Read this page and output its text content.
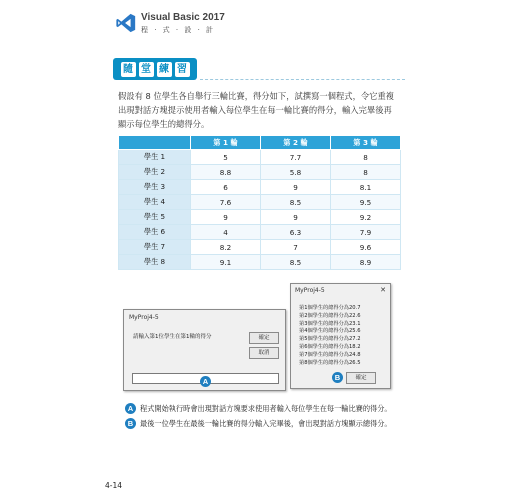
Visual Basic 2017
程 · 式 · 設 · 計
隨 堂 練 習

假設有 8 位學生各自舉行三輪比賽，得分如下，試撰寫一個程式，令它重複

出現對話方塊提示使用者輸入每位學生在每一輪比賽的得分，輸入完畢後再

顯示每位學生的總得分。

	第 1 輪	第 2 輪	第 3 輪
學生 1	5	7.7	8
學生 2	8.8	5.8	8
學生 3	6	9	8.1
學生 4	7.6	8.5	9.5
學生 5	9	9	9.2
學生 6	4	6.3	7.9
學生 7	8.2	7	9.6
學生 8	9.1	8.5	8.9
MyProj4-5
請輸入第1位學生在第1輪的得分	確定
取消
A
MyProj4-5	✕
第1個學生的總得分為20.7
第2個學生的總得分為22.6
第3個學生的總得分為23.1
第4個學生的總得分為25.6
第5個學生的總得分為27.2
第6個學生的總得分為18.2
第7個學生的總得分為24.8
第8個學生的總得分為26.5
確定
B
A 程式開始執行時會出現對話方塊要求使用者輸入每位學生在每一輪比賽的得分。
B 最後一位學生在最後一輪比賽的得分輸入完畢後，會出現對話方塊顯示總得分。
4-14
